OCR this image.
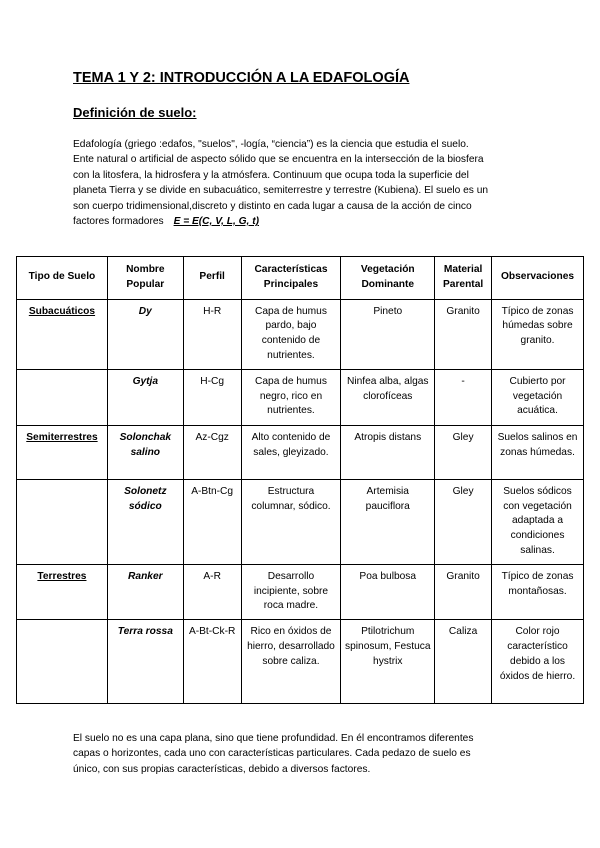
TEMA 1 Y 2: INTRODUCCIÓN A LA EDAFOLOGÍA
Definición de suelo:
Edafología (griego :edafos, "suelos", -logía, “ciencia”) es la ciencia que estudia el suelo.
Ente natural o artificial de aspecto sólido que se encuentra en la intersección de la biosfera
con la litosfera, la hidrosfera y la atmósfera. Continuum que ocupa toda la superficie del
planeta Tierra y se divide en subacuático, semiterrestre y terrestre (Kubiena). El suelo es un
son cuerpo tridimensional,discreto y distinto en cada lugar a causa de la acción de cinco
factores formadores E = E(C, V, L, G, t)
Tipo de Suelo	Nombre Popular	Perfil	Características Principales	Vegetación Dominante	Material Parental	Observaciones
Subacuáticos	Dy	H-R	Capa de humus pardo, bajo contenido de nutrientes.	Pineto	Granito	Típico de zonas húmedas sobre granito.
	Gytja	H-Cg	Capa de humus negro, rico en nutrientes.	Ninfea alba, algas clorofíceas	-	Cubierto por vegetación acuática.
Semiterrestres	Solonchak salino	Az-Cgz	Alto contenido de sales, gleyizado.	Atropis distans	Gley	Suelos salinos en zonas húmedas.
	Solonetz sódico	A-Btn-Cg	Estructura columnar, sódico.	Artemisia pauciflora	Gley	Suelos sódicos con vegetación adaptada a condiciones salinas.
Terrestres	Ranker	A-R	Desarrollo incipiente, sobre roca madre.	Poa bulbosa	Granito	Típico de zonas montañosas.
	Terra rossa	A-Bt-Ck-R	Rico en óxidos de hierro, desarrollado sobre caliza.	Ptilotrichum spinosum, Festuca hystrix	Caliza	Color rojo característico debido a los óxidos de hierro.
El suelo no es una capa plana, sino que tiene profundidad. En él encontramos diferentes
capas o horizontes, cada uno con características particulares. Cada pedazo de suelo es
único, con sus propias características, debido a diversos factores.
